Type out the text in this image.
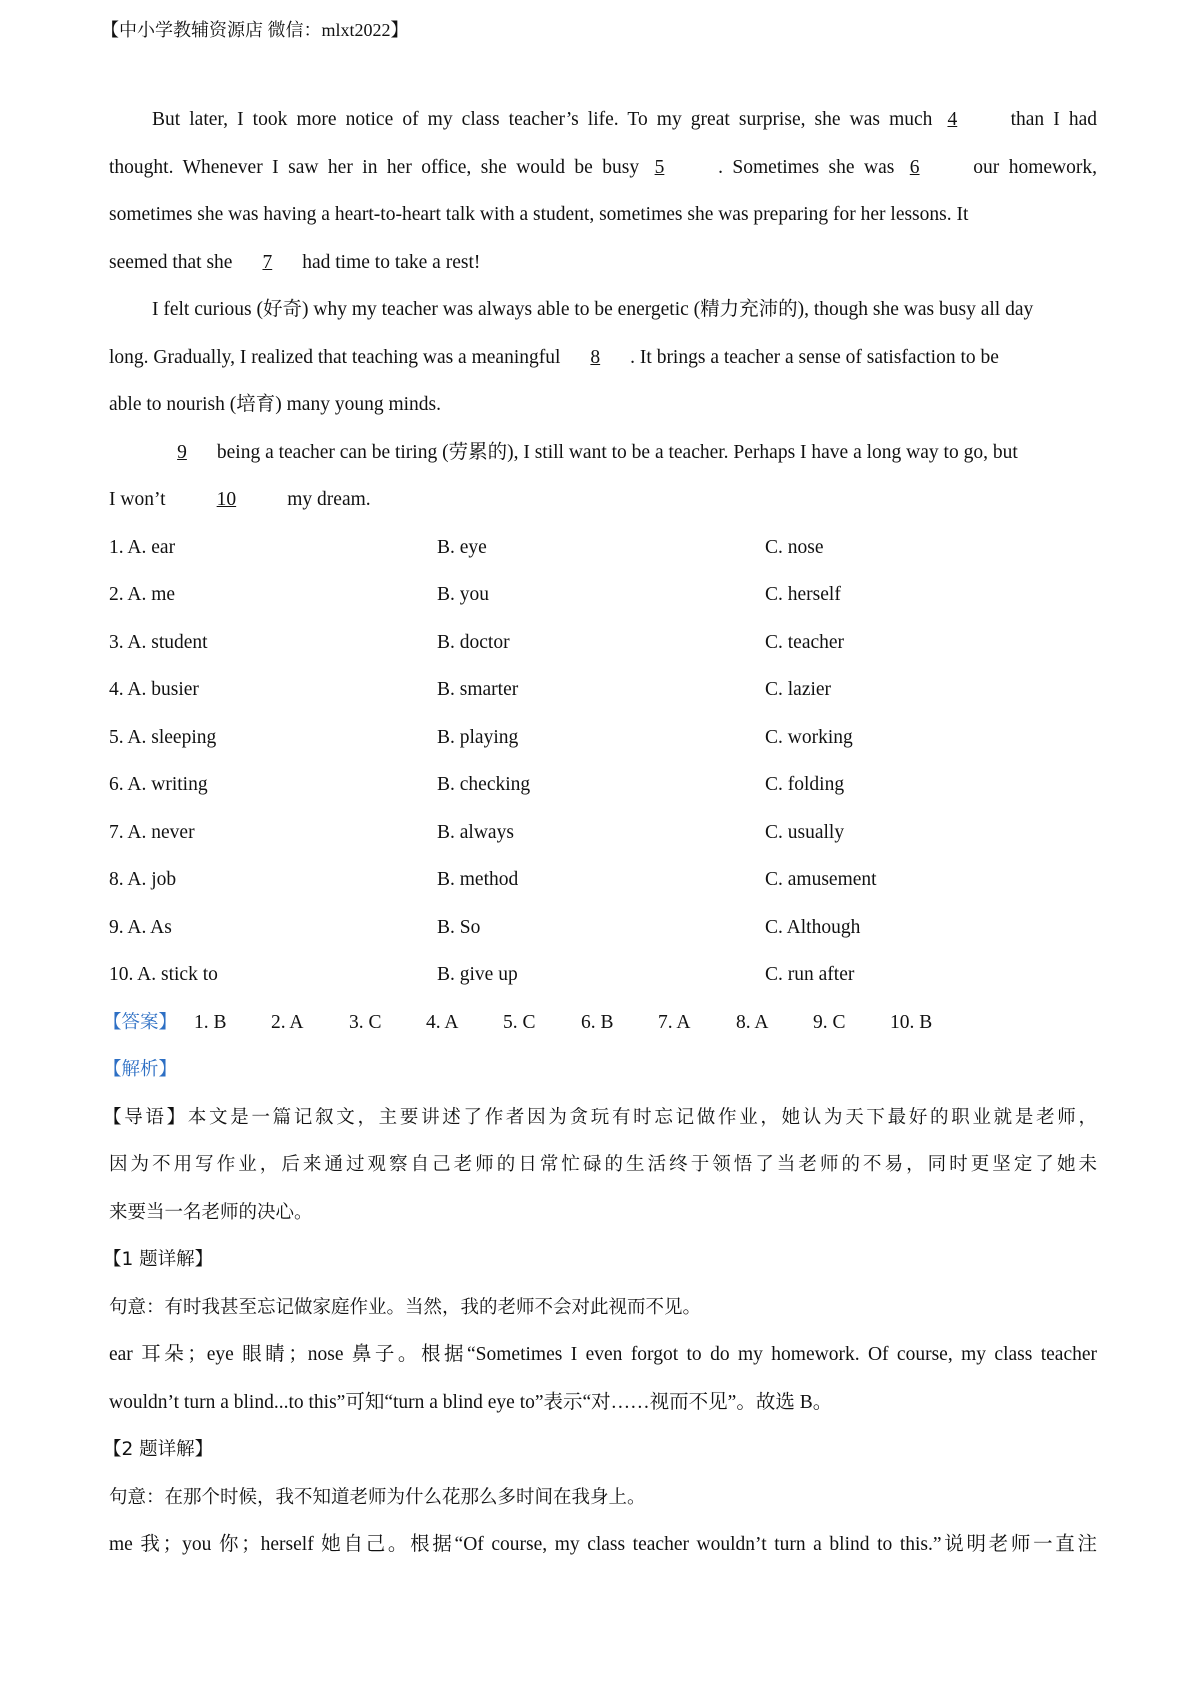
【中小学教辅资源店 微信：mlxt2022】
But later, I took more notice of my class teacher’s life. To my great surprise, she was much 4	than I had
thought. Whenever I saw her in her office, she would be busy 5	. Sometimes she was 6	our homework,
sometimes she was having a heart-to-heart talk with a student, sometimes she was preparing for her lessons. It
seemed that she 7 had time to take a rest!
I felt curious (好奇) why my teacher was always able to be energetic (精力充沛的), though she was busy all day
long. Gradually, I realized that teaching was a meaningful 8 . It brings a teacher a sense of satisfaction to be
able to nourish (培育) many young minds.
9 being a teacher can be tiring (劳累的), I still want to be a teacher. Perhaps I have a long way to go, but
I won’t	10	my dream.
1. A. ear	B. eye	C. nose
2. A. me	B. you	C. herself
3. A. student	B. doctor	C. teacher
4. A. busier	B. smarter	C. lazier
5. A. sleeping	B. playing	C. working
6. A. writing	B. checking	C. folding
7. A. never	B. always	C. usually
8. A. job	B. method	C. amusement
9. A. As	B. So	C. Although
10. A. stick to	B. give up	C. run after
【答案】 1. B 2. A 3. C 4. A 5. C 6. B 7. A 8. A 9. C 10. B
【解析】
【导语】本文是一篇记叙文，主要讲述了作者因为贪玩有时忘记做作业，她认为天下最好的职业就是老师，
因为不用写作业，后来通过观察自己老师的日常忙碌的生活终于领悟了当老师的不易，同时更坚定了她未
来要当一名老师的决心。
【1 题详解】
句意：有时我甚至忘记做家庭作业。当然，我的老师不会对此视而不见。
ear 耳朵；eye 眼睛；nose 鼻子。根据“Sometimes I even forgot to do my homework. Of course, my class teacher
wouldn’t turn a blind...to this”可知“turn a blind eye to”表示“对……视而不见”。故选 B。
【2 题详解】
句意：在那个时候，我不知道老师为什么花那么多时间在我身上。
me 我；you 你；herself 她自己。根据“Of course, my class teacher wouldn’t turn a blind to this.”说明老师一直注
